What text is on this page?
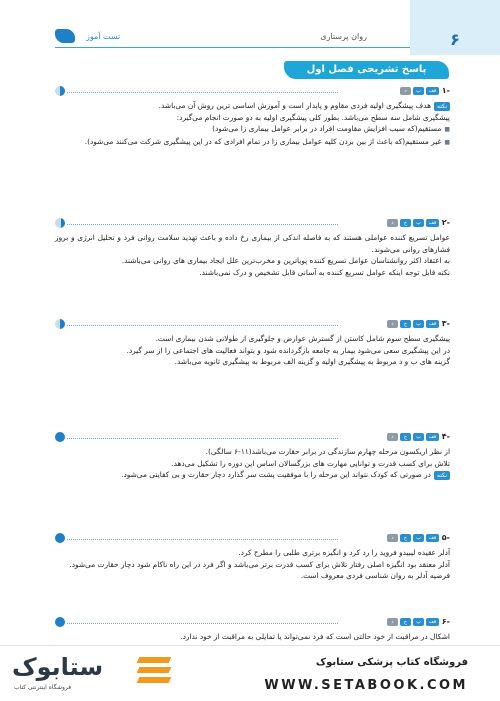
۶
روان پرستاری
تست آموز
پاسخ تشریحی فصل اول
-۱
ففپد

نکتههدف پیشگیری اولیه فردی مقاوم و پایدار است و آموزش اساسی ترین روش آن می‌باشد.

پیشگیری شامل سه سطح می‌باشد. بطور کلی پیشگیری اولیه به دو صورت انجام می‌گیرد:

■مستقیم(که سبب افزایش مقاومت افراد در برابر عوامل بیماری زا می‌شود)

■غیر مستقیم(که باعث از بین بردن کلیه عوامل بیماری زا در تمام افرادی که در این پیشگیری شرکت می‌کنند می‌شود).

-۲
ففپجد

عوامل تسریع کننده عواملی هستند که به فاصله اندکی از بیماری رخ داده و باعث تهدید سلامت روانی فرد و تحلیل انرژی و بروز فشارهای روانی می‌شوند.

به اعتقاد اکثر روانشناسان عوامل تسریع کننده پویاترین و مخرب‌ترین علل ایجاد بیماری های روانی می‌باشند.

نکته قابل توجه اینکه عوامل تسریع کننده به آسانی قابل تشخیص و درک نمی‌باشند.

-۳
ففپجد

پیشگیری سطح سوم شامل کاستن از گسترش عوارض و جلوگیری از طولانی شدن بیماری است.

در این پیشگیری سعی می‌شود بیمار به جامعه بازگردانده شود و بتواند فعالیت های اجتماعی را از سر گیرد.

گزینه های ب و د مربوط به پیشگیری اولیه و گزینه الف مربوط به پیشگیری ثانویه می‌باشد.

-۴
ففپجد

از نظر اریکسون مرحله چهارم سازندگی در برابر حقارت می‌باشد(۱۱-۶ سالگی).

تلاش برای کسب قدرت و توانایی مهارت های بزرگسالان اساس این دوره را تشکیل می‌دهد.

نکتهدر صورتی که کودک نتواند این مرحله را با موفقیت پشت سر گذارد دچار حقارت و بی کفایتی می‌شود.

-۵
ففپجد

آدلر عقیده لیبیدو فروید را رد کرد و انگیزه برتری طلبی را مطرح کرد.

آدلر معتقد بود انگیزه اصلی رفتار تلاش برای کسب قدرت برتر می‌باشد و اگر فرد در این راه ناکام شود دچار حقارت می‌شود.

فرضیه آدلر به روان شناسی فردی معروف است.

-۶
ففپجد

اشکال در مراقبت از خود حالتی است که فرد نمی‌تواند یا تمایلی به مراقبت از خود ندارد.

ستابوک
فروشگاه اینترنتی کتاب
فروشگاه کتاب پزشکی ستابوک
WWW.SETABOOK.COM
